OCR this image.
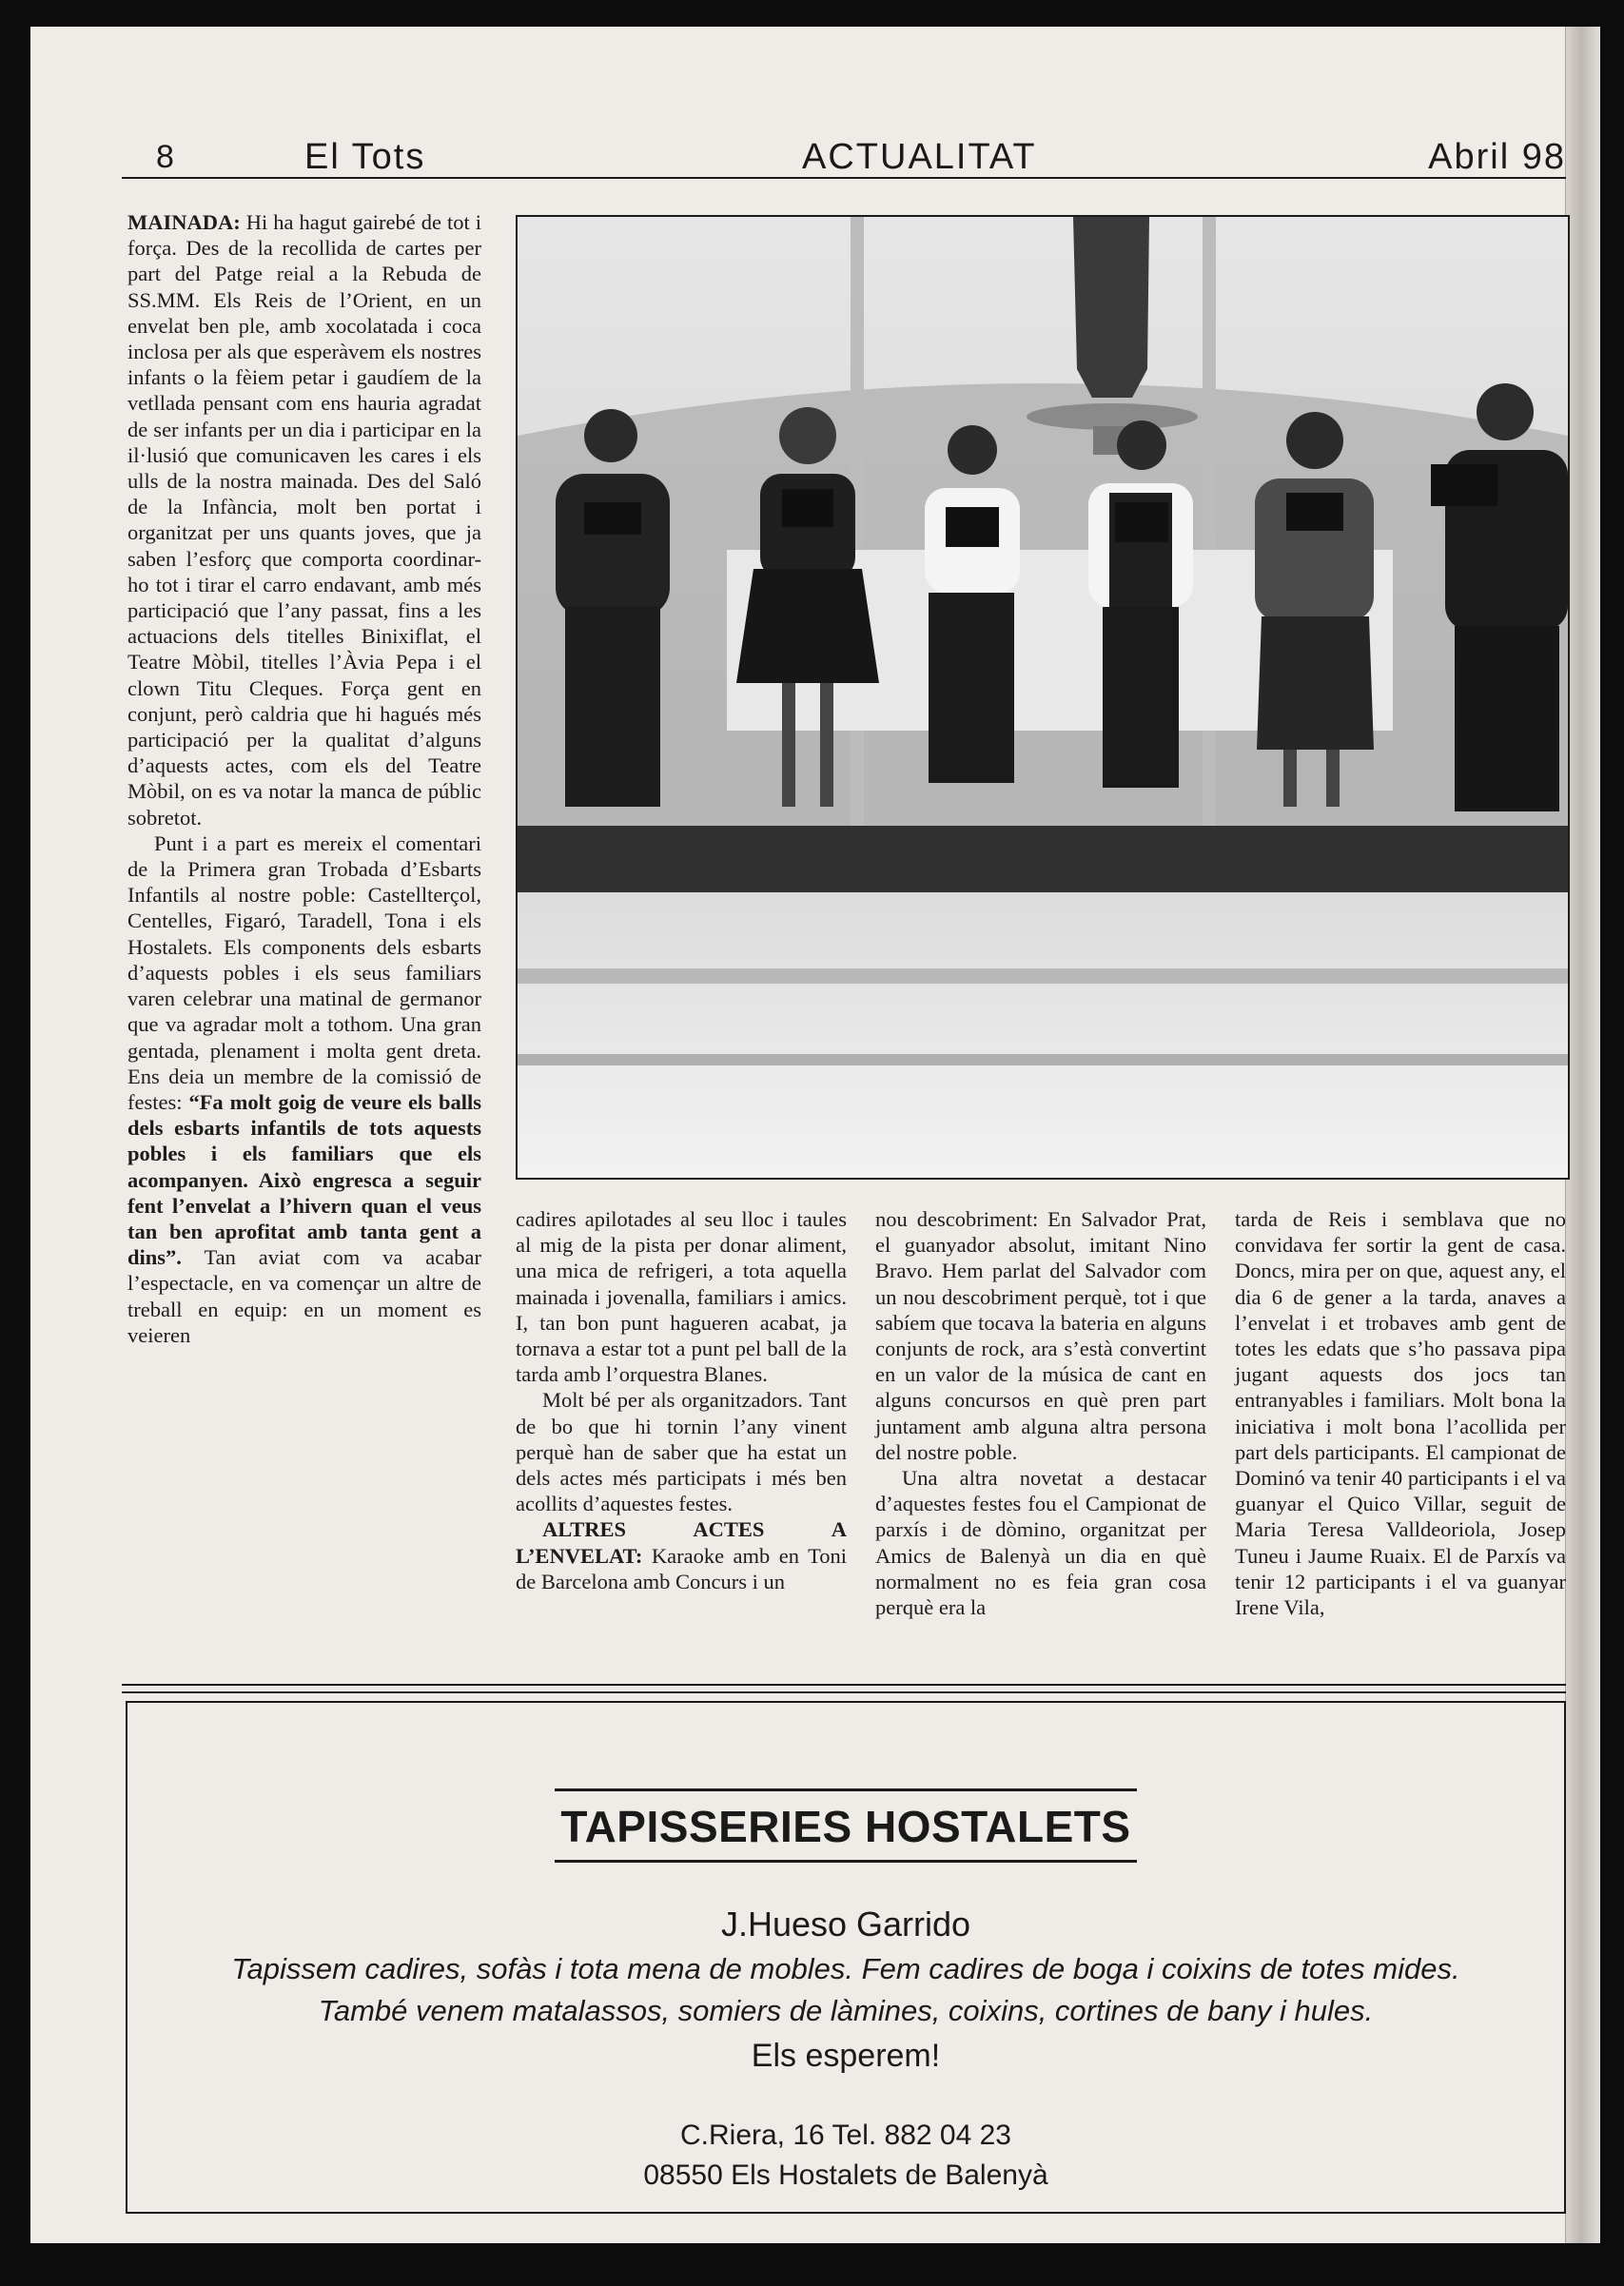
8	El Tots	ACTUALITAT	Abril 98

MAINADA: Hi ha hagut gairebé de tot i força. Des de la recollida de cartes per part del Patge reial a la Rebuda de SS.MM. Els Reis de l’Orient, en un envelat ben ple, amb xocolatada i coca inclosa per als que esperàvem els nostres infants o la fèiem petar i gaudíem de la vetllada pensant com ens hauria agradat de ser infants per un dia i participar en la il·lusió que comunicaven les cares i els ulls de la nostra mainada. Des del Saló de la Infància, molt ben portat i organitzat per uns quants joves, que ja saben l’esforç que comporta coordinar-ho tot i tirar el carro endavant, amb més participació que l’any passat, fins a les actuacions dels titelles Binixiflat, el Teatre Mòbil, titelles l’Àvia Pepa i el clown Titu Cleques. Força gent en conjunt, però caldria que hi hagués més participació per la qualitat d’alguns d’aquests actes, com els del Teatre Mòbil, on es va notar la manca de públic sobretot.

Punt i a part es mereix el comentari de la Primera gran Trobada d’Esbarts Infantils al nostre poble: Castellterçol, Centelles, Figaró, Taradell, Tona i els Hostalets. Els components dels esbarts d’aquests pobles i els seus familiars varen celebrar una matinal de germanor que va agradar molt a tothom. Una gran gentada, plenament i molta gent dreta. Ens deia un membre de la comissió de festes: “Fa molt goig de veure els balls dels esbarts infantils de tots aquests pobles i els familiars que els acompanyen. Això engresca a seguir fent l’envelat a l’hivern quan el veus tan ben aprofitat amb tanta gent a dins”. Tan aviat com va acabar l’espectacle, en va començar un altre de treball en equip: en un moment es veieren

cadires apilotades al seu lloc i taules al mig de la pista per donar aliment, una mica de refrigeri, a tota aquella mainada i jovenalla, familiars i amics. I, tan bon punt hagueren acabat, ja tornava a estar tot a punt pel ball de la tarda amb l’orquestra Blanes.

Molt bé per als organitzadors. Tant de bo que hi tornin l’any vinent perquè han de saber que ha estat un dels actes més participats i més ben acollits d’aquestes festes.

ALTRES ACTES A L’ENVELAT: Karaoke amb en Toni de Barcelona amb Concurs i un

nou descobriment: En Salvador Prat, el guanyador absolut, imitant Nino Bravo. Hem parlat del Salvador com un nou descobriment perquè, tot i que sabíem que tocava la bateria en alguns conjunts de rock, ara s’està convertint en un valor de la música de cant en alguns concursos en què pren part juntament amb alguna altra persona del nostre poble.

Una altra novetat a destacar d’aquestes festes fou el Campionat de parxís i de dòmino, organitzat per Amics de Balenyà un dia en què normalment no es feia gran cosa perquè era la

tarda de Reis i semblava que no convidava fer sortir la gent de casa. Doncs, mira per on que, aquest any, el dia 6 de gener a la tarda, anaves a l’envelat i et trobaves amb gent de totes les edats que s’ho passava pipa jugant aquests dos jocs tan entranyables i familiars. Molt bona la iniciativa i molt bona l’acollida per part dels participants. El campionat de Dominó va tenir 40 participants i el va guanyar el Quico Villar, seguit de Maria Teresa Valldeoriola, Josep Tuneu i Jaume Ruaix. El de Parxís va tenir 12 participants i el va guanyar Irene Vila,

TAPISSERIES HOSTALETS
J.Hueso Garrido
Tapissem cadires, sofàs i tota mena de mobles. Fem cadires de boga i coixins de totes mides.
També venem matalassos, somiers de làmines, coixins, cortines de bany i hules.
Els esperem!
C.Riera, 16 Tel. 882 04 23
08550 Els Hostalets de Balenyà
